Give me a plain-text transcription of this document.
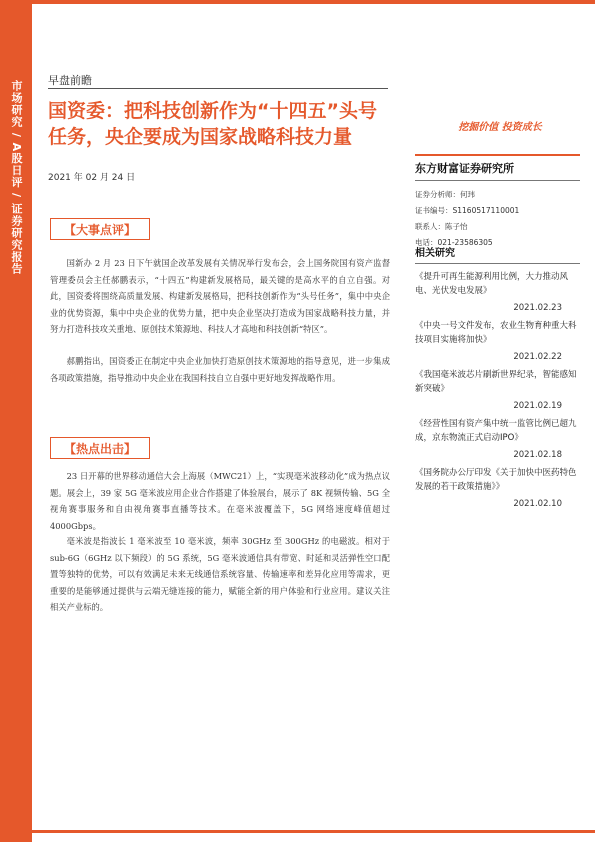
市场研究 / A股日评 / 证券研究报告 早盘前瞻
国资委：把科技创新作为“十四五”头号任务，央企要成为国家战略科技力量	挖掘价值 投资成长
2021 年 02 月 24 日
东方财富证券研究所
证券分析师：何玮
证书编号：S1160517110001
联系人：陈子怡
电话：021-23586305
相关研究
《提升可再生能源利用比例，大力推动风电、光伏发电发展》
2021.02.23
《中央一号文件发布，农业生物育种重大科技项目实施将加快》
2021.02.22
《我国毫米波芯片刷新世界纪录，智能感知新突破》
2021.02.19
《经营性国有资产集中统一监管比例已超九成，京东物流正式启动IPO》
2021.02.18
《国务院办公厅印发《关于加快中医药特色发展的若干政策措施》》
2021.02.10
【大事点评】
国新办 2 月 23 日下午就国企改革发展有关情况举行发布会，会上国务院国有资产监督管理委员会主任郝鹏表示，“十四五”构建新发展格局，最关键的是高水平的自立自强。对此，国资委将围绕高质量发展、构建新发展格局，把科技创新作为“头号任务”，集中中央企业的优势资源，集中中央企业的优势力量，把中央企业坚决打造成为国家战略科技力量，并努力打造科技攻关重地、原创技术策源地、科技人才高地和科技创新“特区”。
郝鹏指出，国资委正在制定中央企业加快打造原创技术策源地的指导意见，进一步集成各项政策措施，指导推动中央企业在我国科技自立自强中更好地发挥战略作用。
【热点出击】
23 日开幕的世界移动通信大会上海展（MWC21）上，“实现毫米波移动化”成为热点议题。展会上，39 家 5G 毫米波应用企业合作搭建了体验展台，展示了 8K 视频传输、5G 全视角赛事服务和自由视角赛事直播等技术。在毫米波覆盖下，5G 网络速度峰值超过 4000Gbps。
毫米波是指波长 1 毫米波至 10 毫米波，频率 30GHz 至 300GHz 的电磁波。相对于 sub-6G（6GHz 以下频段）的 5G 系统，5G 毫米波通信具有带宽、时延和灵活弹性空口配置等独特的优势，可以有效满足未来无线通信系统容量、传输速率和差异化应用等需求，更重要的是能够通过提供与云端无缝连接的能力，赋能全新的用户体验和行业应用。建议关注相关产业标的。
